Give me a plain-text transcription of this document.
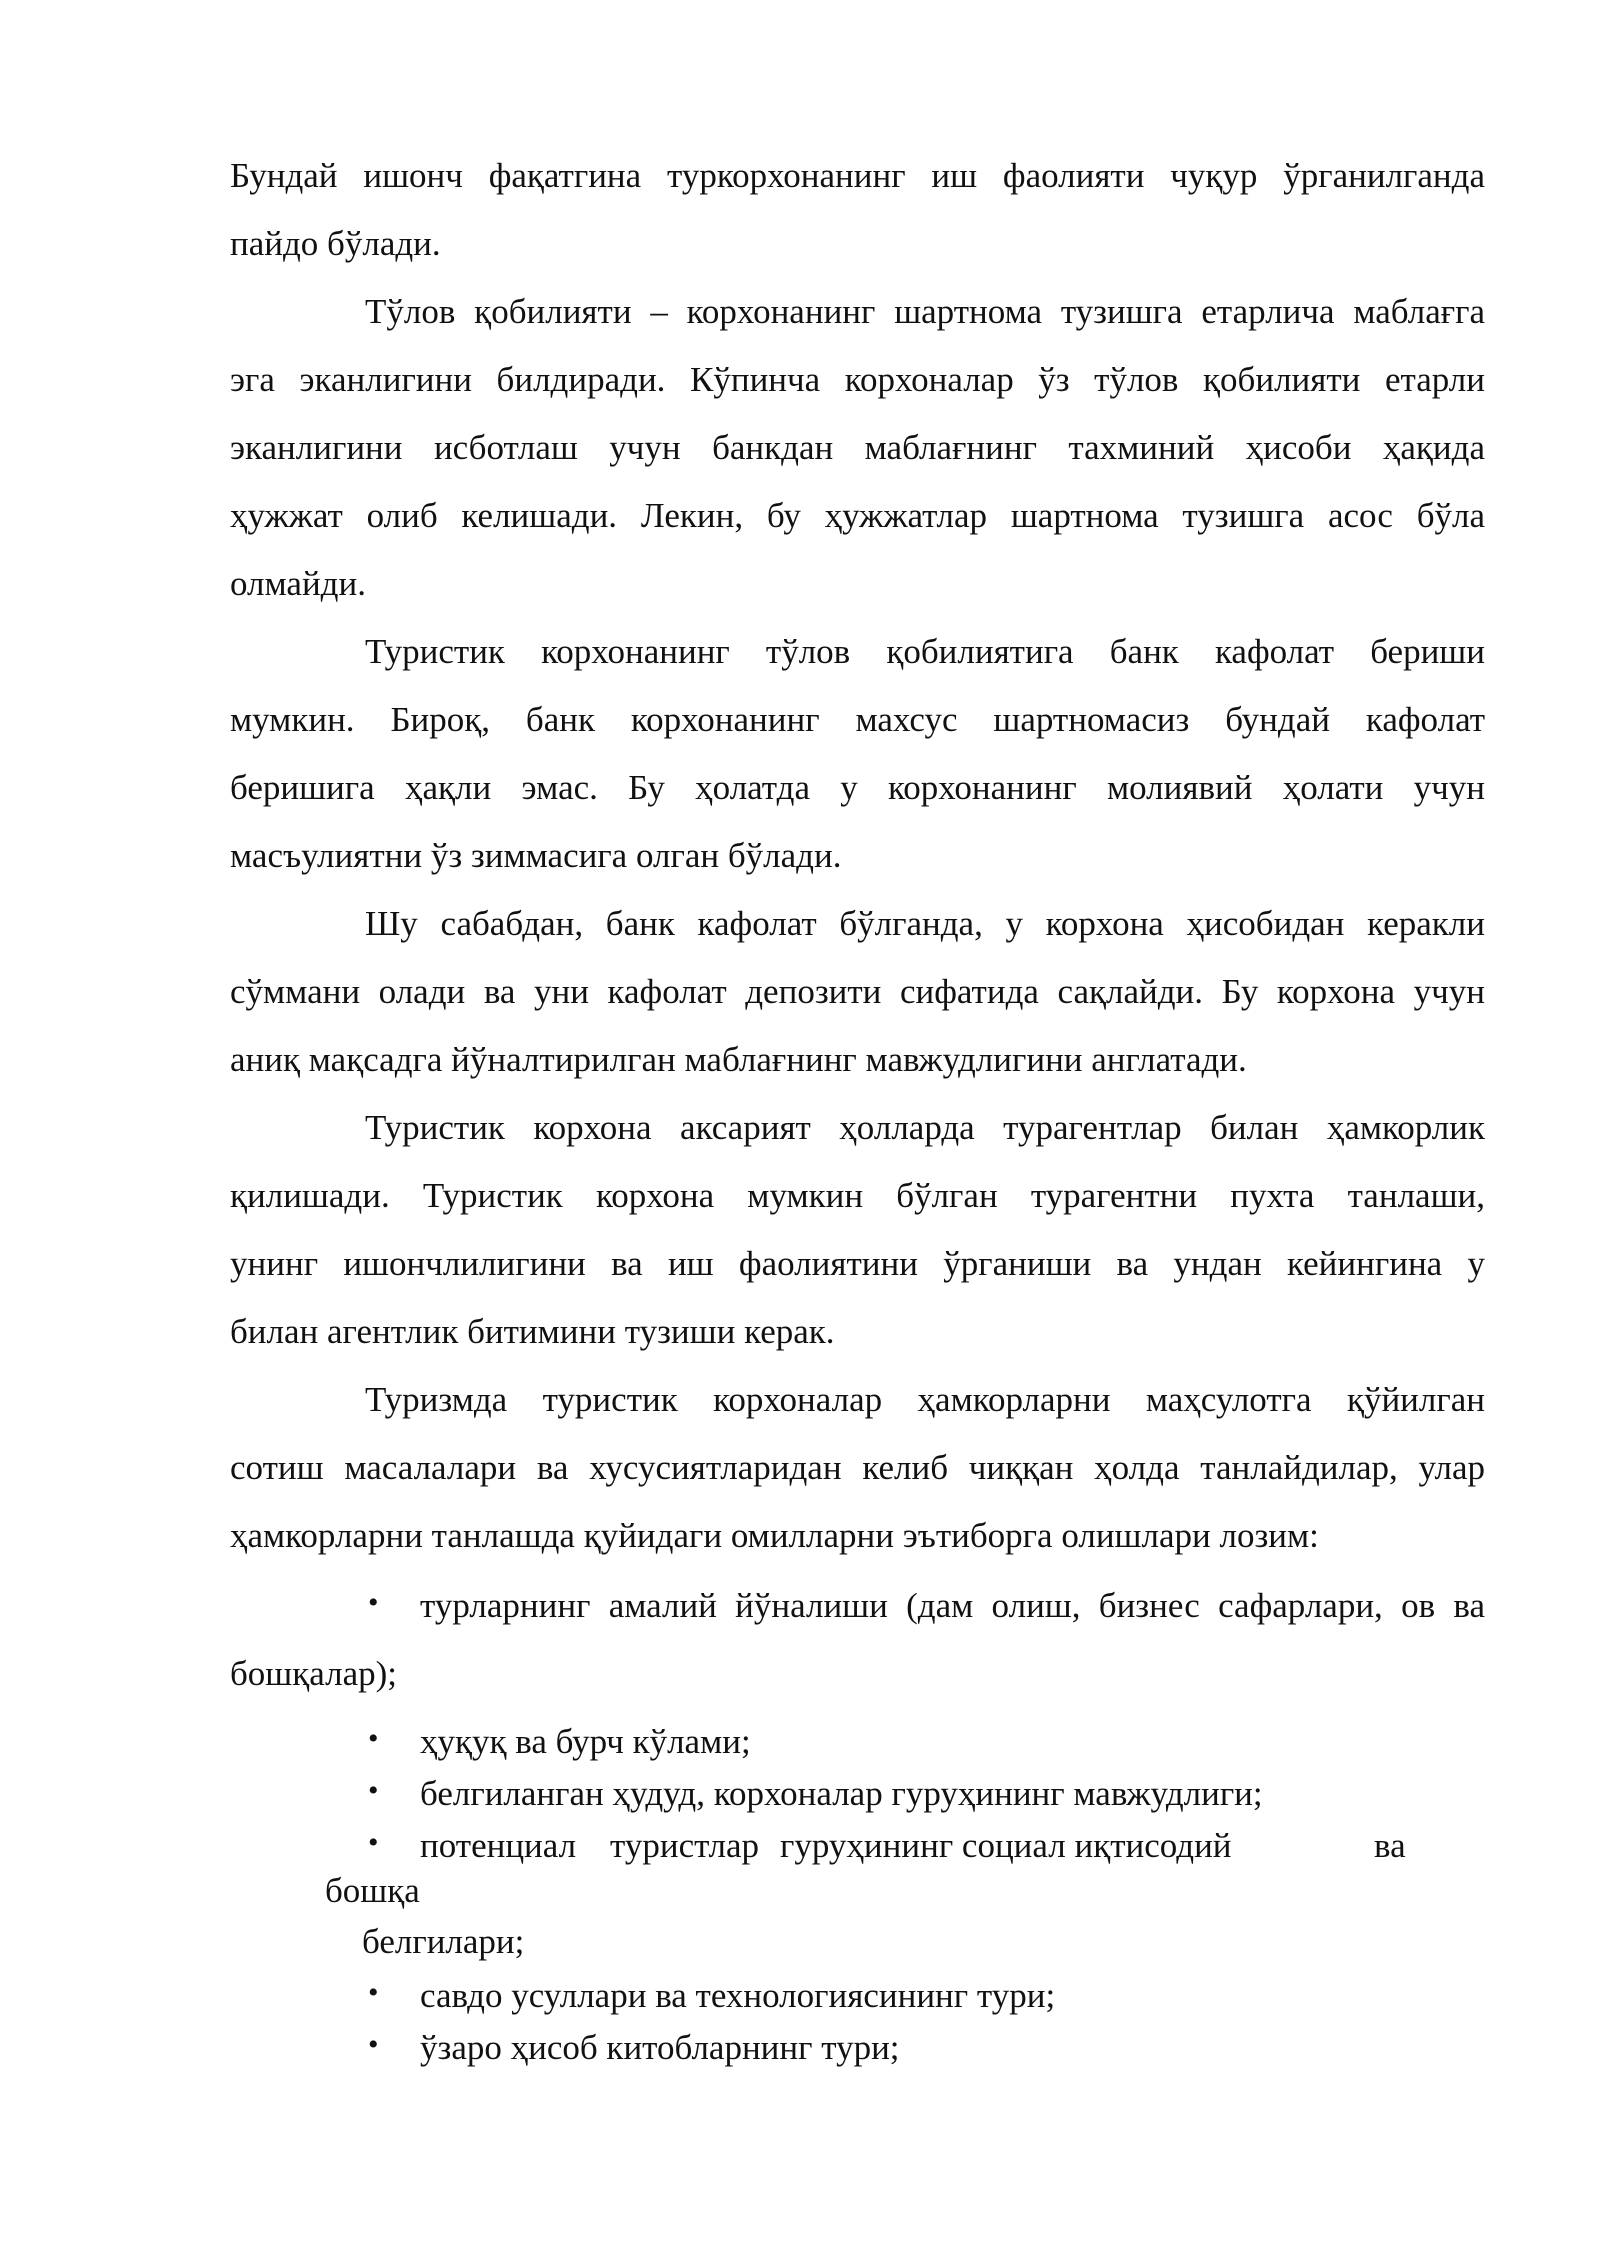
Бундай ишонч фақатгина туркорхонанинг иш фаолияти чуқур ўрганилганда
пайдо бўлади.
Тўлов қобилияти – корхонанинг шартнома тузишга етарлича маблағга
эга эканлигини билдиради. Кўпинча корхоналар ўз тўлов қобилияти етарли
эканлигини исботлаш учун банкдан маблағнинг тахминий ҳисоби ҳақида
ҳужжат олиб келишади. Лекин, бу ҳужжатлар шартнома тузишга асос бўла
олмайди.
Туристик корхонанинг тўлов қобилиятига банк кафолат бериши
мумкин. Бироқ, банк корхонанинг махсус шартномасиз бундай кафолат
беришига ҳақли эмас. Бу ҳолатда у корхонанинг молиявий ҳолати учун
масъулиятни ўз зиммасига олган бўлади.
Шу сабабдан, банк кафолат бўлганда, у корхона ҳисобидан керакли
сўммани олади ва уни кафолат депозити сифатида сақлайди. Бу корхона учун
аниқ мақсадга йўналтирилган маблағнинг мавжудлигини англатади.
Туристик корхона аксарият ҳолларда турагентлар билан ҳамкорлик
қилишади. Туристик корхона мумкин бўлган турагентни пухта танлаши,
унинг ишончлилигини ва иш фаолиятини ўрганиши ва ундан кейингина у
билан агентлик битимини тузиши керак.
Туризмда туристик корхоналар ҳамкорларни маҳсулотга қўйилган
сотиш масалалари ва хусусиятларидан келиб чиққан ҳолда танлайдилар, улар
ҳамкорларни танлашда қуйидаги омилларни эътиборга олишлари лозим:
• турларнинг амалий йўналиши (дам олиш, бизнес сафарлари, ов ва
бошқалар);
• ҳуқуқ ва бурч кўлами;
• белгиланган ҳудуд, корхоналар гуруҳининг мавжудлиги;
• потенциал туристлар гуруҳининг социал иқтисодий	ва
бошқа
белгилари;
• савдо усуллари ва технологиясининг тури;
• ўзаро ҳисоб китобларнинг тури;
